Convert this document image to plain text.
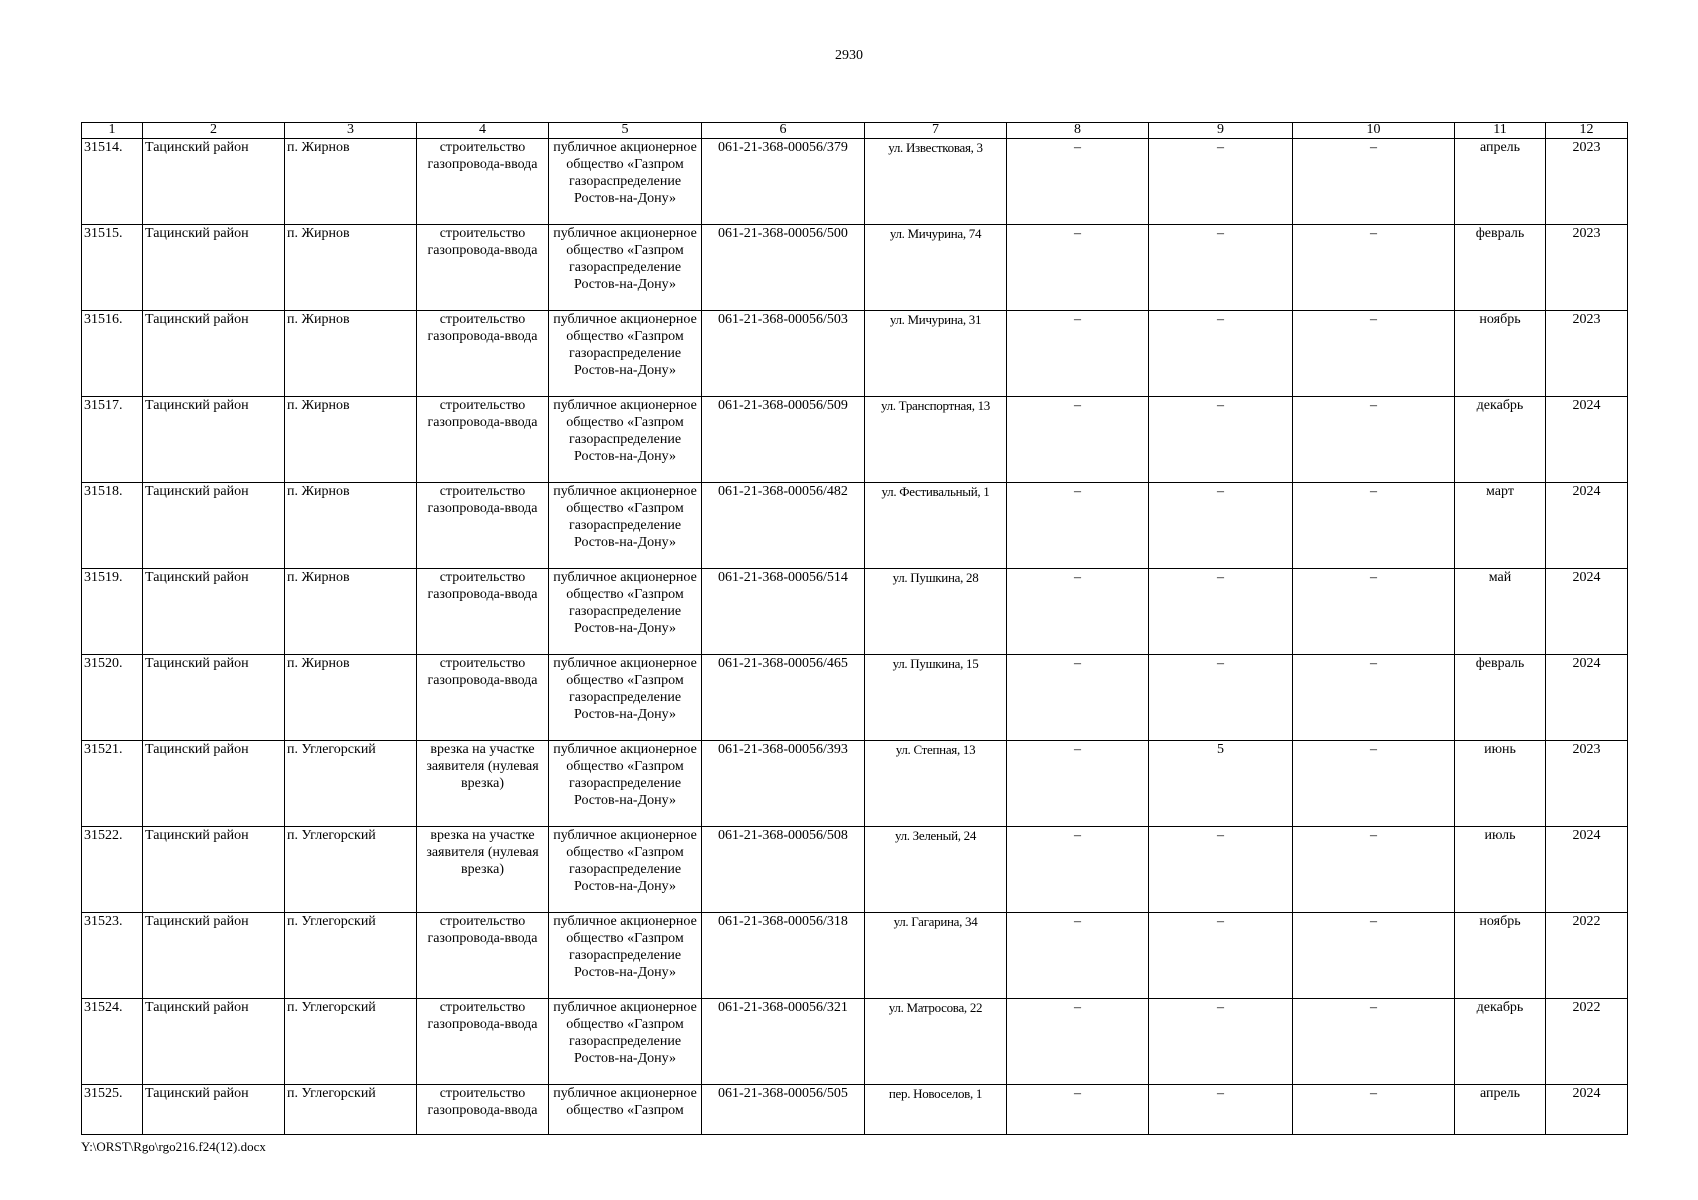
2930
1	2	3	4	5	6	7	8	9	10	11	12
31514.	Тацинский район	п. Жирнов	строительство газопровода-ввода	публичное акционерное общество «Газпром газораспределение Ростов-на-Дону»	061-21-368-00056/379	ул. Известковая, 3	–	–	–	апрель	2023
31515.	Тацинский район	п. Жирнов	строительство газопровода-ввода	публичное акционерное общество «Газпром газораспределение Ростов-на-Дону»	061-21-368-00056/500	ул. Мичурина, 74	–	–	–	февраль	2023
31516.	Тацинский район	п. Жирнов	строительство газопровода-ввода	публичное акционерное общество «Газпром газораспределение Ростов-на-Дону»	061-21-368-00056/503	ул. Мичурина, 31	–	–	–	ноябрь	2023
31517.	Тацинский район	п. Жирнов	строительство газопровода-ввода	публичное акционерное общество «Газпром газораспределение Ростов-на-Дону»	061-21-368-00056/509	ул. Транспортная, 13	–	–	–	декабрь	2024
31518.	Тацинский район	п. Жирнов	строительство газопровода-ввода	публичное акционерное общество «Газпром газораспределение Ростов-на-Дону»	061-21-368-00056/482	ул. Фестивальный, 1	–	–	–	март	2024
31519.	Тацинский район	п. Жирнов	строительство газопровода-ввода	публичное акционерное общество «Газпром газораспределение Ростов-на-Дону»	061-21-368-00056/514	ул. Пушкина, 28	–	–	–	май	2024
31520.	Тацинский район	п. Жирнов	строительство газопровода-ввода	публичное акционерное общество «Газпром газораспределение Ростов-на-Дону»	061-21-368-00056/465	ул. Пушкина, 15	–	–	–	февраль	2024
31521.	Тацинский район	п. Углегорский	врезка на участке заявителя (нулевая врезка)	публичное акционерное общество «Газпром газораспределение Ростов-на-Дону»	061-21-368-00056/393	ул. Степная, 13	–	5	–	июнь	2023
31522.	Тацинский район	п. Углегорский	врезка на участке заявителя (нулевая врезка)	публичное акционерное общество «Газпром газораспределение Ростов-на-Дону»	061-21-368-00056/508	ул. Зеленый, 24	–	–	–	июль	2024
31523.	Тацинский район	п. Углегорский	строительство газопровода-ввода	публичное акционерное общество «Газпром газораспределение Ростов-на-Дону»	061-21-368-00056/318	ул. Гагарина, 34	–	–	–	ноябрь	2022
31524.	Тацинский район	п. Углегорский	строительство газопровода-ввода	публичное акционерное общество «Газпром газораспределение Ростов-на-Дону»	061-21-368-00056/321	ул. Матросова, 22	–	–	–	декабрь	2022
31525.	Тацинский район	п. Углегорский	строительство газопровода-ввода	публичное акционерное общество «Газпром	061-21-368-00056/505	пер. Новоселов, 1	–	–	–	апрель	2024
Y:\ORST\Rgo\rgo216.f24(12).docx
